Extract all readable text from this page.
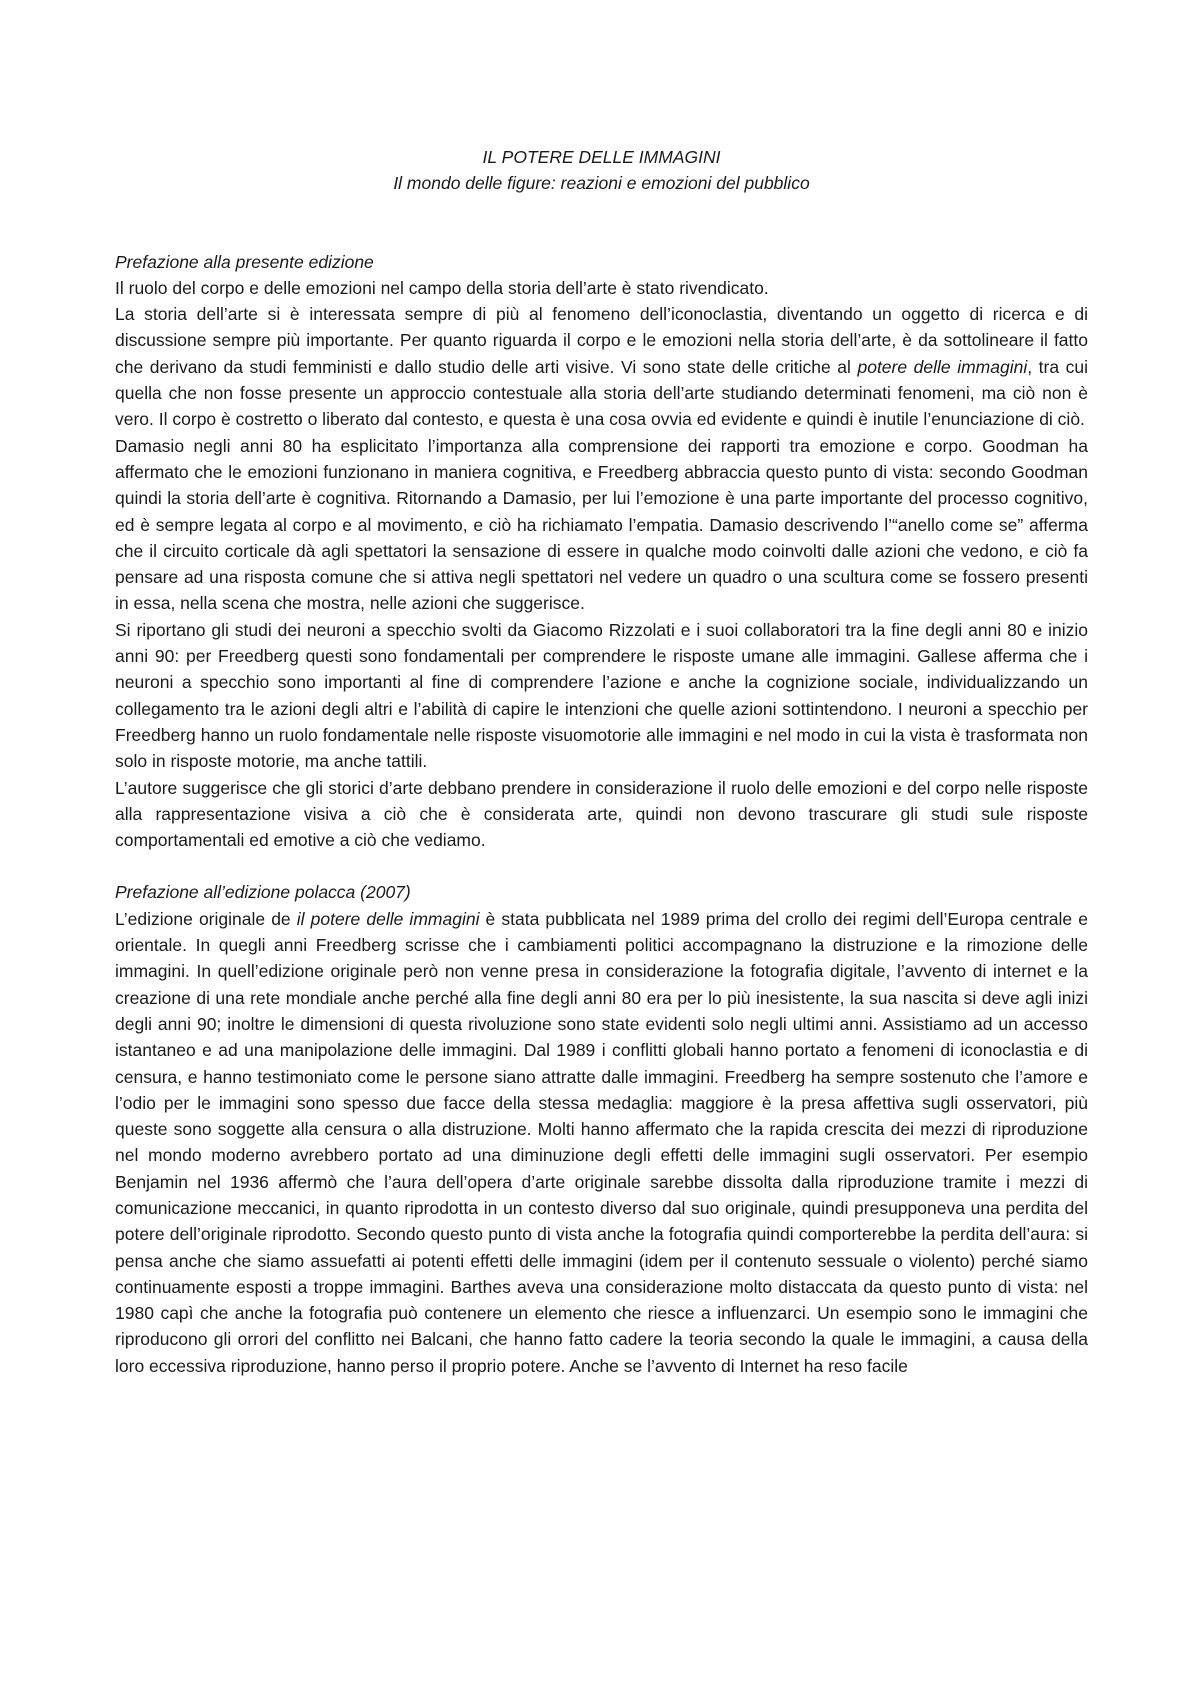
IL POTERE DELLE IMMAGINI

Il mondo delle figure: reazioni e emozioni del pubblico

Prefazione alla presente edizione

Il ruolo del corpo e delle emozioni nel campo della storia dell’arte è stato rivendicato.

La storia dell’arte si è interessata sempre di più al fenomeno dell’iconoclastia, diventando un oggetto di ricerca e di discussione sempre più importante. Per quanto riguarda il corpo e le emozioni nella storia dell’arte, è da sottolineare il fatto che derivano da studi femministi e dallo studio delle arti visive. Vi sono state delle critiche al potere delle immagini, tra cui quella che non fosse presente un approccio contestuale alla storia dell’arte studiando determinati fenomeni, ma ciò non è vero. Il corpo è costretto o liberato dal contesto, e questa è una cosa ovvia ed evidente e quindi è inutile l’enunciazione di ciò.

Damasio negli anni 80 ha esplicitato l’importanza alla comprensione dei rapporti tra emozione e corpo. Goodman ha affermato che le emozioni funzionano in maniera cognitiva, e Freedberg abbraccia questo punto di vista: secondo Goodman quindi la storia dell’arte è cognitiva. Ritornando a Damasio, per lui l’emozione è una parte importante del processo cognitivo, ed è sempre legata al corpo e al movimento, e ciò ha richiamato l’empatia. Damasio descrivendo l’“anello come se” afferma che il circuito corticale dà agli spettatori la sensazione di essere in qualche modo coinvolti dalle azioni che vedono, e ciò fa pensare ad una risposta comune che si attiva negli spettatori nel vedere un quadro o una scultura come se fossero presenti in essa, nella scena che mostra, nelle azioni che suggerisce.

Si riportano gli studi dei neuroni a specchio svolti da Giacomo Rizzolati e i suoi collaboratori tra la fine degli anni 80 e inizio anni 90: per Freedberg questi sono fondamentali per comprendere le risposte umane alle immagini. Gallese afferma che i neuroni a specchio sono importanti al fine di comprendere l’azione e anche la cognizione sociale, individualizzando un collegamento tra le azioni degli altri e l’abilità di capire le intenzioni che quelle azioni sottintendono. I neuroni a specchio per Freedberg hanno un ruolo fondamentale nelle risposte visuomotorie alle immagini e nel modo in cui la vista è trasformata non solo in risposte motorie, ma anche tattili.

L’autore suggerisce che gli storici d’arte debbano prendere in considerazione il ruolo delle emozioni e del corpo nelle risposte alla rappresentazione visiva a ciò che è considerata arte, quindi non devono trascurare gli studi sule risposte comportamentali ed emotive a ciò che vediamo.

Prefazione all’edizione polacca (2007)

L’edizione originale de il potere delle immagini è stata pubblicata nel 1989 prima del crollo dei regimi dell’Europa centrale e orientale. In quegli anni Freedberg scrisse che i cambiamenti politici accompagnano la distruzione e la rimozione delle immagini. In quell’edizione originale però non venne presa in considerazione la fotografia digitale, l’avvento di internet e la creazione di una rete mondiale anche perché alla fine degli anni 80 era per lo più inesistente, la sua nascita si deve agli inizi degli anni 90; inoltre le dimensioni di questa rivoluzione sono state evidenti solo negli ultimi anni. Assistiamo ad un accesso istantaneo e ad una manipolazione delle immagini. Dal 1989 i conflitti globali hanno portato a fenomeni di iconoclastia e di censura, e hanno testimoniato come le persone siano attratte dalle immagini. Freedberg ha sempre sostenuto che l’amore e l’odio per le immagini sono spesso due facce della stessa medaglia: maggiore è la presa affettiva sugli osservatori, più queste sono soggette alla censura o alla distruzione. Molti hanno affermato che la rapida crescita dei mezzi di riproduzione nel mondo moderno avrebbero portato ad una diminuzione degli effetti delle immagini sugli osservatori. Per esempio Benjamin nel 1936 affermò che l’aura dell’opera d’arte originale sarebbe dissolta dalla riproduzione tramite i mezzi di comunicazione meccanici, in quanto riprodotta in un contesto diverso dal suo originale, quindi presupponeva una perdita del potere dell’originale riprodotto. Secondo questo punto di vista anche la fotografia quindi comporterebbe la perdita dell’aura: si pensa anche che siamo assuefatti ai potenti effetti delle immagini (idem per il contenuto sessuale o violento) perché siamo continuamente esposti a troppe immagini. Barthes aveva una considerazione molto distaccata da questo punto di vista: nel 1980 capì che anche la fotografia può contenere un elemento che riesce a influenzarci. Un esempio sono le immagini che riproducono gli orrori del conflitto nei Balcani, che hanno fatto cadere la teoria secondo la quale le immagini, a causa della loro eccessiva riproduzione, hanno perso il proprio potere. Anche se l’avvento di Internet ha reso facile
